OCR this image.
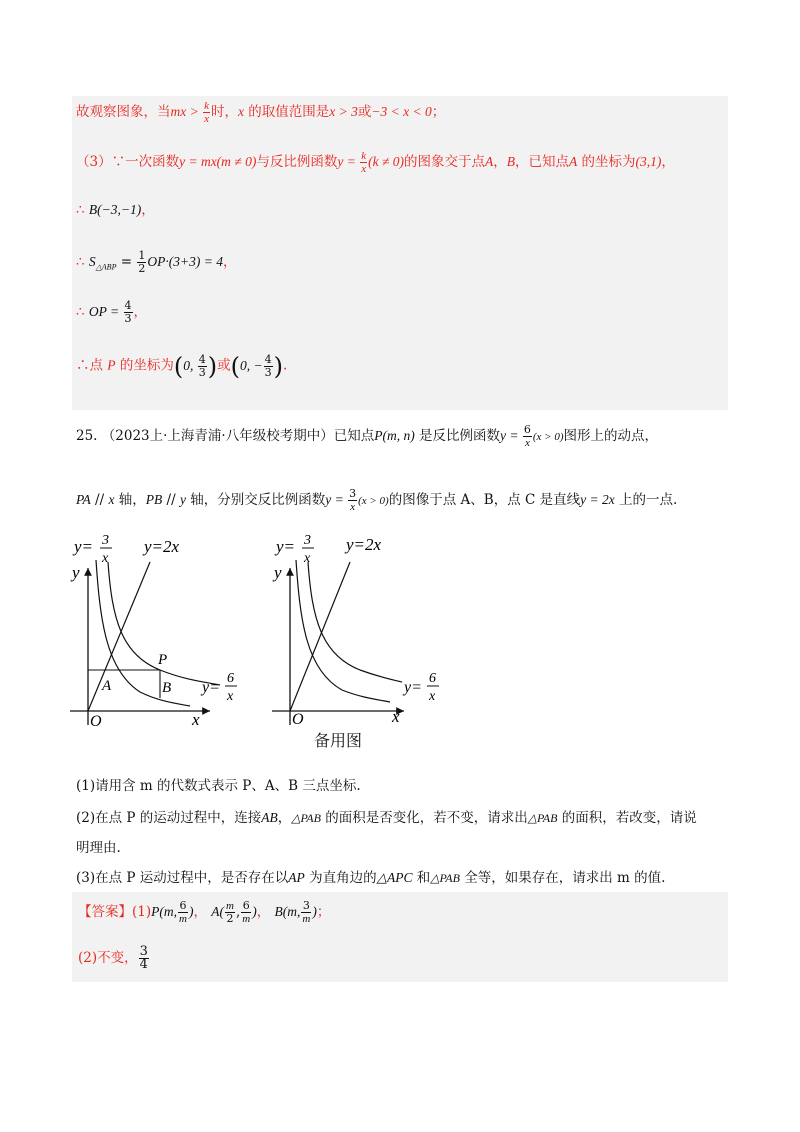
故观察图象，当mx > $\frac{k}{x}$ 时，x 的取值范围是x > 3或−3 < x < 0；
（3）∵一次函数y = mx(m ≠ 0)与反比例函数$y = \frac{k}{x} (k \ne 0)$的图象交于点A，B，已知点A 的坐标为(3,1)，
∴ B(−3,−1)，
∴ $S_{\triangle ABP} = \frac{1}{2} OP\cdot(3+3) = 4$，
∴ OP = $\frac{4}{3}$ ，
∴点 P 的坐标为(0, $\frac{4}{3}$ )或(0, − $\frac{4}{3}$ ).
25. （2023上·上海青浦·八年级校考期中）已知点P(m, n) 是反比例函数$y = \frac{6}{x} (x > 0)$图形上的动点，
PA // x 轴，PB // y 轴，分别交反比例函数$y = \frac{3}{x} (x > 0)$的图像于点 A、B，点 C 是直线y = 2x 上的一点.
y= 3
x
y=2x
y
x
O
P
A	B y=
6
x
y= 3
x
y=2x
y
x
O
y=
6
x
备用图
(1)请用含 m 的代数式表示 P、A、B 三点坐标.
(2)在点 P 的运动过程中，连接AB，△PAB 的面积是否变化，若不变，请求出△PAB 的面积，若改变，请说
明理由.
(3)在点 P 运动过程中，是否存在以AP 为直角边的△APC 和△PAB 全等，如果存在，请求出 m 的值.
【答案】(1)P(m, $\frac{6}{m}$ )， $A( \frac{m}{2}$ , $\frac{6}{m}$ )， B(m, $\frac{3}{m}$ )；
(2)不变， $\frac{3}{4}$
